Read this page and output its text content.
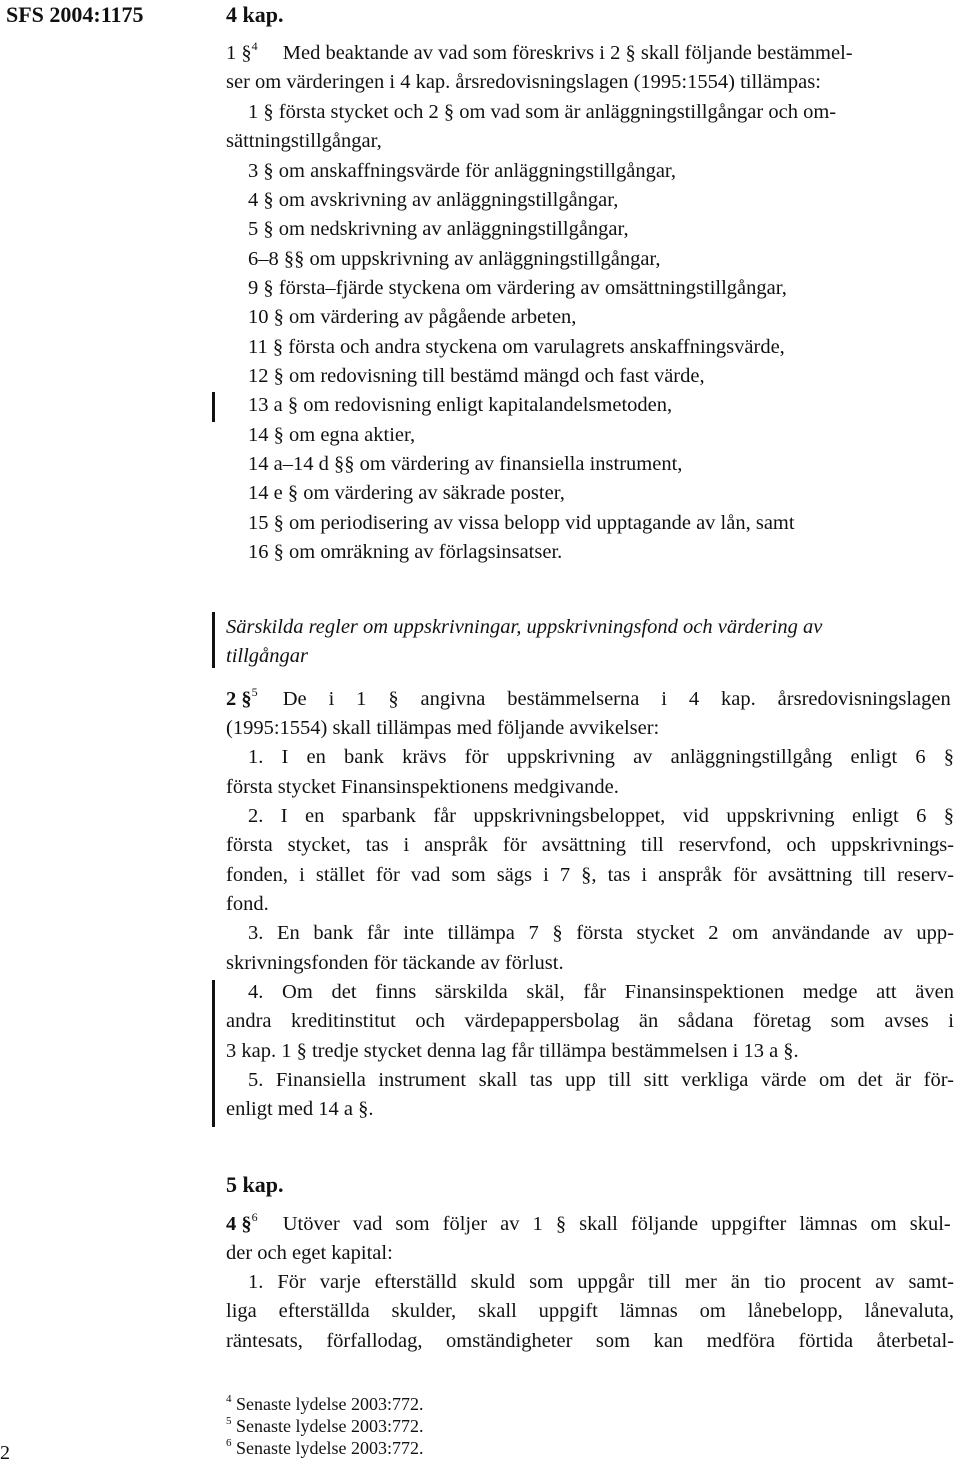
SFS 2004:1175	4 kap.
1 §$^4$ Med beaktande av vad som föreskrivs i 2 § skall följande bestämmel-
ser om värderingen i 4 kap. årsredovisningslagen (1995:1554) tillämpas:
1 § första stycket och 2 § om vad som är anläggningstillgångar och om-
sättningstillgångar,
3 § om anskaffningsvärde för anläggningstillgångar,
4 § om avskrivning av anläggningstillgångar,
5 § om nedskrivning av anläggningstillgångar,
6–8 §§ om uppskrivning av anläggningstillgångar,
9 § första–fjärde styckena om värdering av omsättningstillgångar,
10 § om värdering av pågående arbeten,
11 § första och andra styckena om varulagrets anskaffningsvärde,
12 § om redovisning till bestämd mängd och fast värde,
13 a § om redovisning enligt kapitalandelsmetoden,
14 § om egna aktier,
14 a–14 d §§ om värdering av finansiella instrument,
14 e § om värdering av säkrade poster,
15 § om periodisering av vissa belopp vid upptagande av lån, samt
16 § om omräkning av förlagsinsatser.
Särskilda regler om uppskrivningar, uppskrivningsfond och värdering av
tillgångar
2 §$^5$ De i 1 § angivna bestämmelserna i 4 kap. årsredovisningslagen
(1995:1554) skall tillämpas med följande avvikelser:
1. I en bank krävs för uppskrivning av anläggningstillgång enligt 6 §
första stycket Finansinspektionens medgivande.
2. I en sparbank får uppskrivningsbeloppet, vid uppskrivning enligt 6 §
första stycket, tas i anspråk för avsättning till reservfond, och uppskrivnings-
fonden, i stället för vad som sägs i 7 §, tas i anspråk för avsättning till reserv-
fond.
3. En bank får inte tillämpa 7 § första stycket 2 om användande av upp-
skrivningsfonden för täckande av förlust.
4. Om det finns särskilda skäl, får Finansinspektionen medge att även
andra kreditinstitut och värdepappersbolag än sådana företag som avses i
3 kap. 1 § tredje stycket denna lag får tillämpa bestämmelsen i 13 a §.
5. Finansiella instrument skall tas upp till sitt verkliga värde om det är för-
enligt med 14 a §.
5 kap.
4 §$^6$ Utöver vad som följer av 1 § skall följande uppgifter lämnas om skul-
der och eget kapital:
1. För varje efterställd skuld som uppgår till mer än tio procent av samt-
liga efterställda skulder, skall uppgift lämnas om lånebelopp, lånevaluta,
räntesats, förfallodag, omständigheter som kan medföra förtida återbetal-
$^4$ Senaste lydelse 2003:772.
$^5$ Senaste lydelse 2003:772.
$^6$ Senaste lydelse 2003:772.
2
